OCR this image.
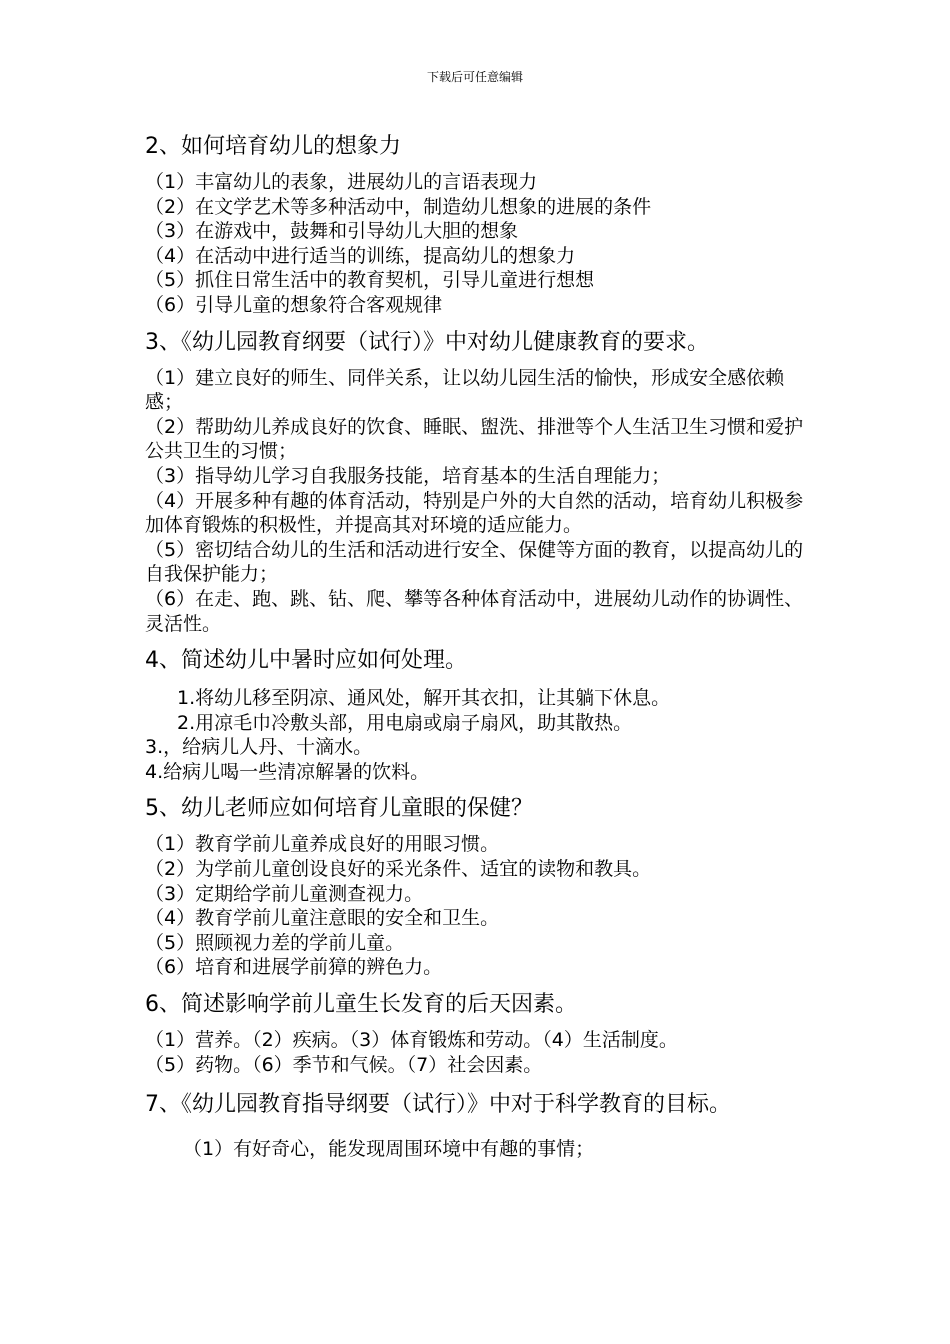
下载后可任意编辑

2、如何培育幼儿的想象力

（1）丰富幼儿的表象，进展幼儿的言语表现力
（2）在文学艺术等多种活动中，制造幼儿想象的进展的条件
（3）在游戏中，鼓舞和引导幼儿大胆的想象
（4）在活动中进行适当的训练，提高幼儿的想象力
（5）抓住日常生活中的教育契机，引导儿童进行想想
（6）引导儿童的想象符合客观规律

3、《幼儿园教育纲要（试行）》中对幼儿健康教育的要求。

（1）建立良好的师生、同伴关系，让以幼儿园生活的愉快，形成安全感依赖感；
（2）帮助幼儿养成良好的饮食、睡眠、盥洗、排泄等个人生活卫生习惯和爱护公共卫生的习惯；
（3）指导幼儿学习自我服务技能，培育基本的生活自理能力；
（4）开展多种有趣的体育活动，特别是户外的大自然的活动，培育幼儿积极参加体育锻炼的积极性，并提高其对环境的适应能力。
（5）密切结合幼儿的生活和活动进行安全、保健等方面的教育，以提高幼儿的自我保护能力；
（6）在走、跑、跳、钻、爬、攀等各种体育活动中，进展幼儿动作的协调性、灵活性。

4、简述幼儿中暑时应如何处理。

1.将幼儿移至阴凉、通风处，解开其衣扣，让其躺下休息。
2.用凉毛巾冷敷头部，用电扇或扇子扇风，助其散热。
3.，给病儿人丹、十滴水。
4.给病儿喝一些清凉解暑的饮料。

5、幼儿老师应如何培育儿童眼的保健？

（1）教育学前儿童养成良好的用眼习惯。
（2）为学前儿童创设良好的采光条件、适宜的读物和教具。
（3）定期给学前儿童测查视力。
（4）教育学前儿童注意眼的安全和卫生。
（5）照顾视力差的学前儿童。
（6）培育和进展学前獐的辨色力。

6、简述影响学前儿童生长发育的后天因素。

（1）营养。（2）疾病。（3）体育锻炼和劳动。（4）生活制度。
（5）药物。（6）季节和气候。（7）社会因素。

7、《幼儿园教育指导纲要（试行）》中对于科学教育的目标。

（1）有好奇心，能发现周围环境中有趣的事情；
